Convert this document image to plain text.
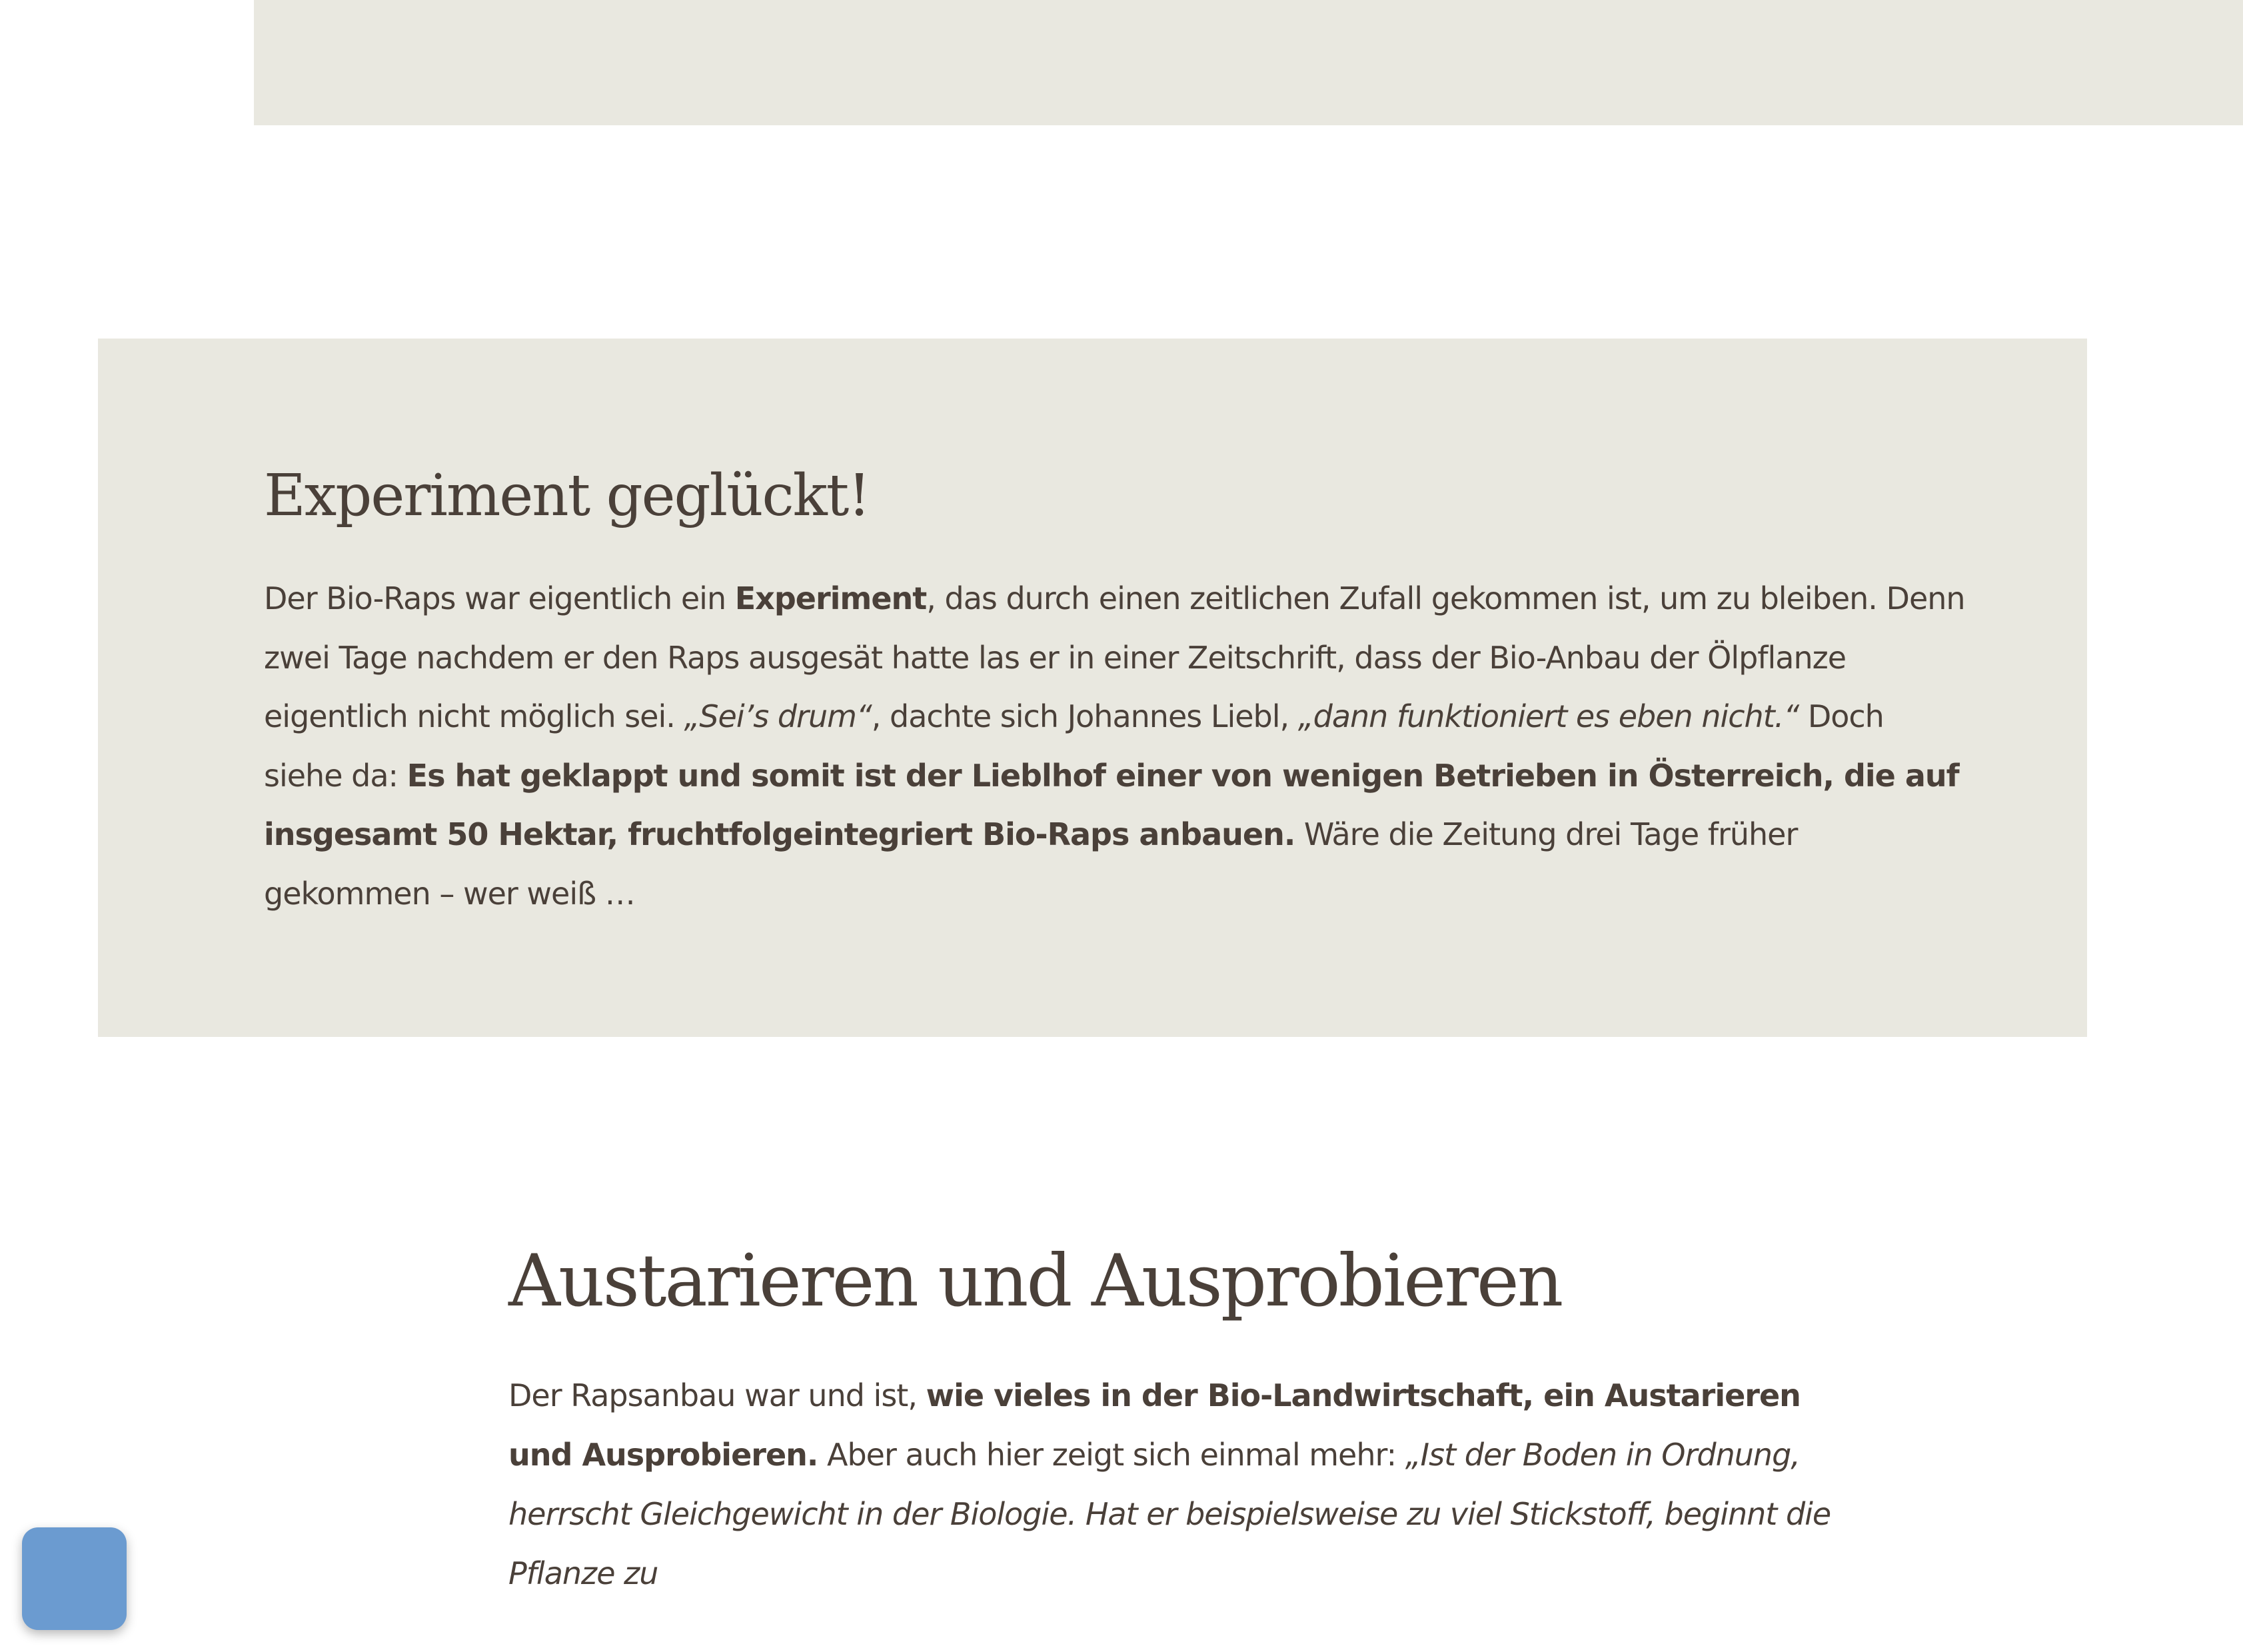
Experiment geglückt!

Der Bio-Raps war eigentlich ein Experiment, das durch einen zeitlichen Zufall gekommen ist, um zu bleiben. Denn zwei Tage nachdem er den Raps ausgesät hatte las er in einer Zeitschrift, dass der Bio-Anbau der Ölpflanze eigentlich nicht möglich sei. „Sei’s drum“, dachte sich Johannes Liebl, „dann funktioniert es eben nicht.“ Doch siehe da: Es hat geklappt und somit ist der Lieblhof einer von wenigen Betrieben in Österreich, die auf insgesamt 50 Hektar, fruchtfolgeintegriert Bio-Raps anbauen. Wäre die Zeitung drei Tage früher gekommen – wer weiß …

Austarieren und Ausprobieren

Der Rapsanbau war und ist, wie vieles in der Bio-Landwirtschaft, ein Austarieren und Ausprobieren. Aber auch hier zeigt sich einmal mehr: „Ist der Boden in Ordnung, herrscht Gleichgewicht in der Biologie. Hat er beispielsweise zu viel Stickstoff, beginnt die Pflanze zu
